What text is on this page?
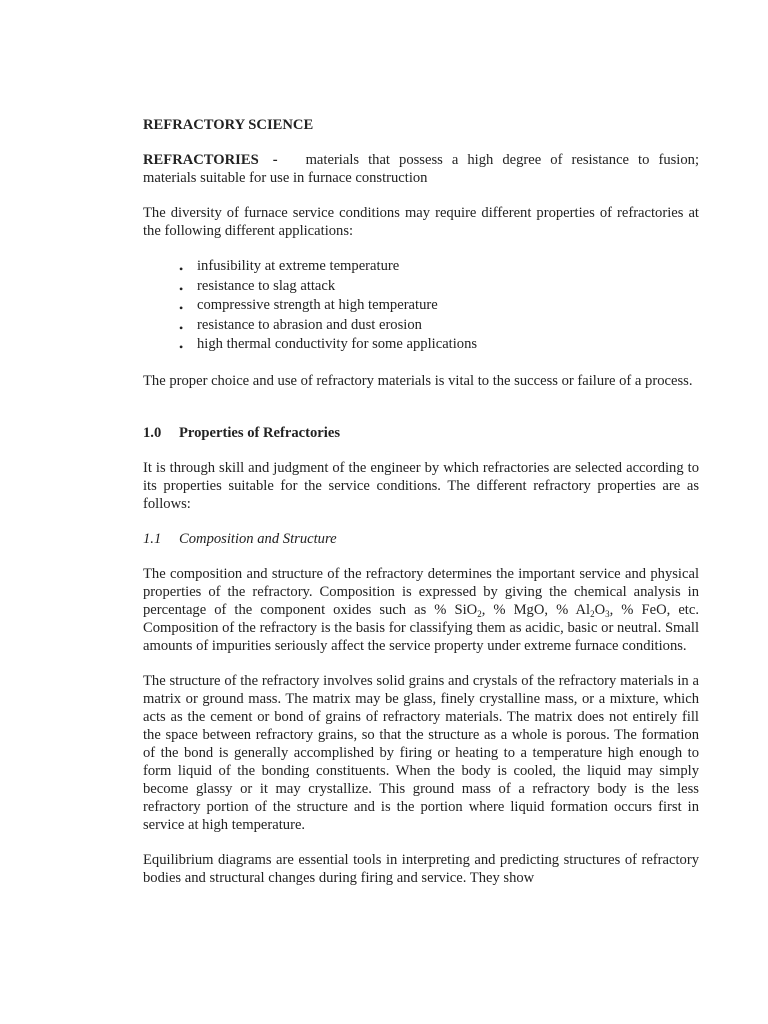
REFRACTORY SCIENCE

REFRACTORIES - materials that possess a high degree of resistance to fusion; materials suitable for use in furnace construction

The diversity of furnace service conditions may require different properties of refractories at the following different applications:

• infusibility at extreme temperature
• resistance to slag attack
• compressive strength at high temperature
• resistance to abrasion and dust erosion
• high thermal conductivity for some applications

The proper choice and use of refractory materials is vital to the success or failure of a process.

1.0 Properties of Refractories

It is through skill and judgment of the engineer by which refractories are selected according to its properties suitable for the service conditions. The different refractory properties are as follows:

1.1 Composition and Structure

The composition and structure of the refractory determines the important service and physical properties of the refractory. Composition is expressed by giving the chemical analysis in percentage of the component oxides such as % SiO$_2$, % MgO, % $Al_2O_3$, % FeO, etc. Composition of the refractory is the basis for classifying them as acidic, basic or neutral. Small amounts of impurities seriously affect the service property under extreme furnace conditions.

The structure of the refractory involves solid grains and crystals of the refractory materials in a matrix or ground mass. The matrix may be glass, finely crystalline mass, or a mixture, which acts as the cement or bond of grains of refractory materials. The matrix does not entirely fill the space between refractory grains, so that the structure as a whole is porous. The formation of the bond is generally accomplished by firing or heating to a temperature high enough to form liquid of the bonding constituents. When the body is cooled, the liquid may simply become glassy or it may crystallize. This ground mass of a refractory body is the less refractory portion of the structure and is the portion where liquid formation occurs first in service at high temperature.

Equilibrium diagrams are essential tools in interpreting and predicting structures of refractory bodies and structural changes during firing and service. They show
